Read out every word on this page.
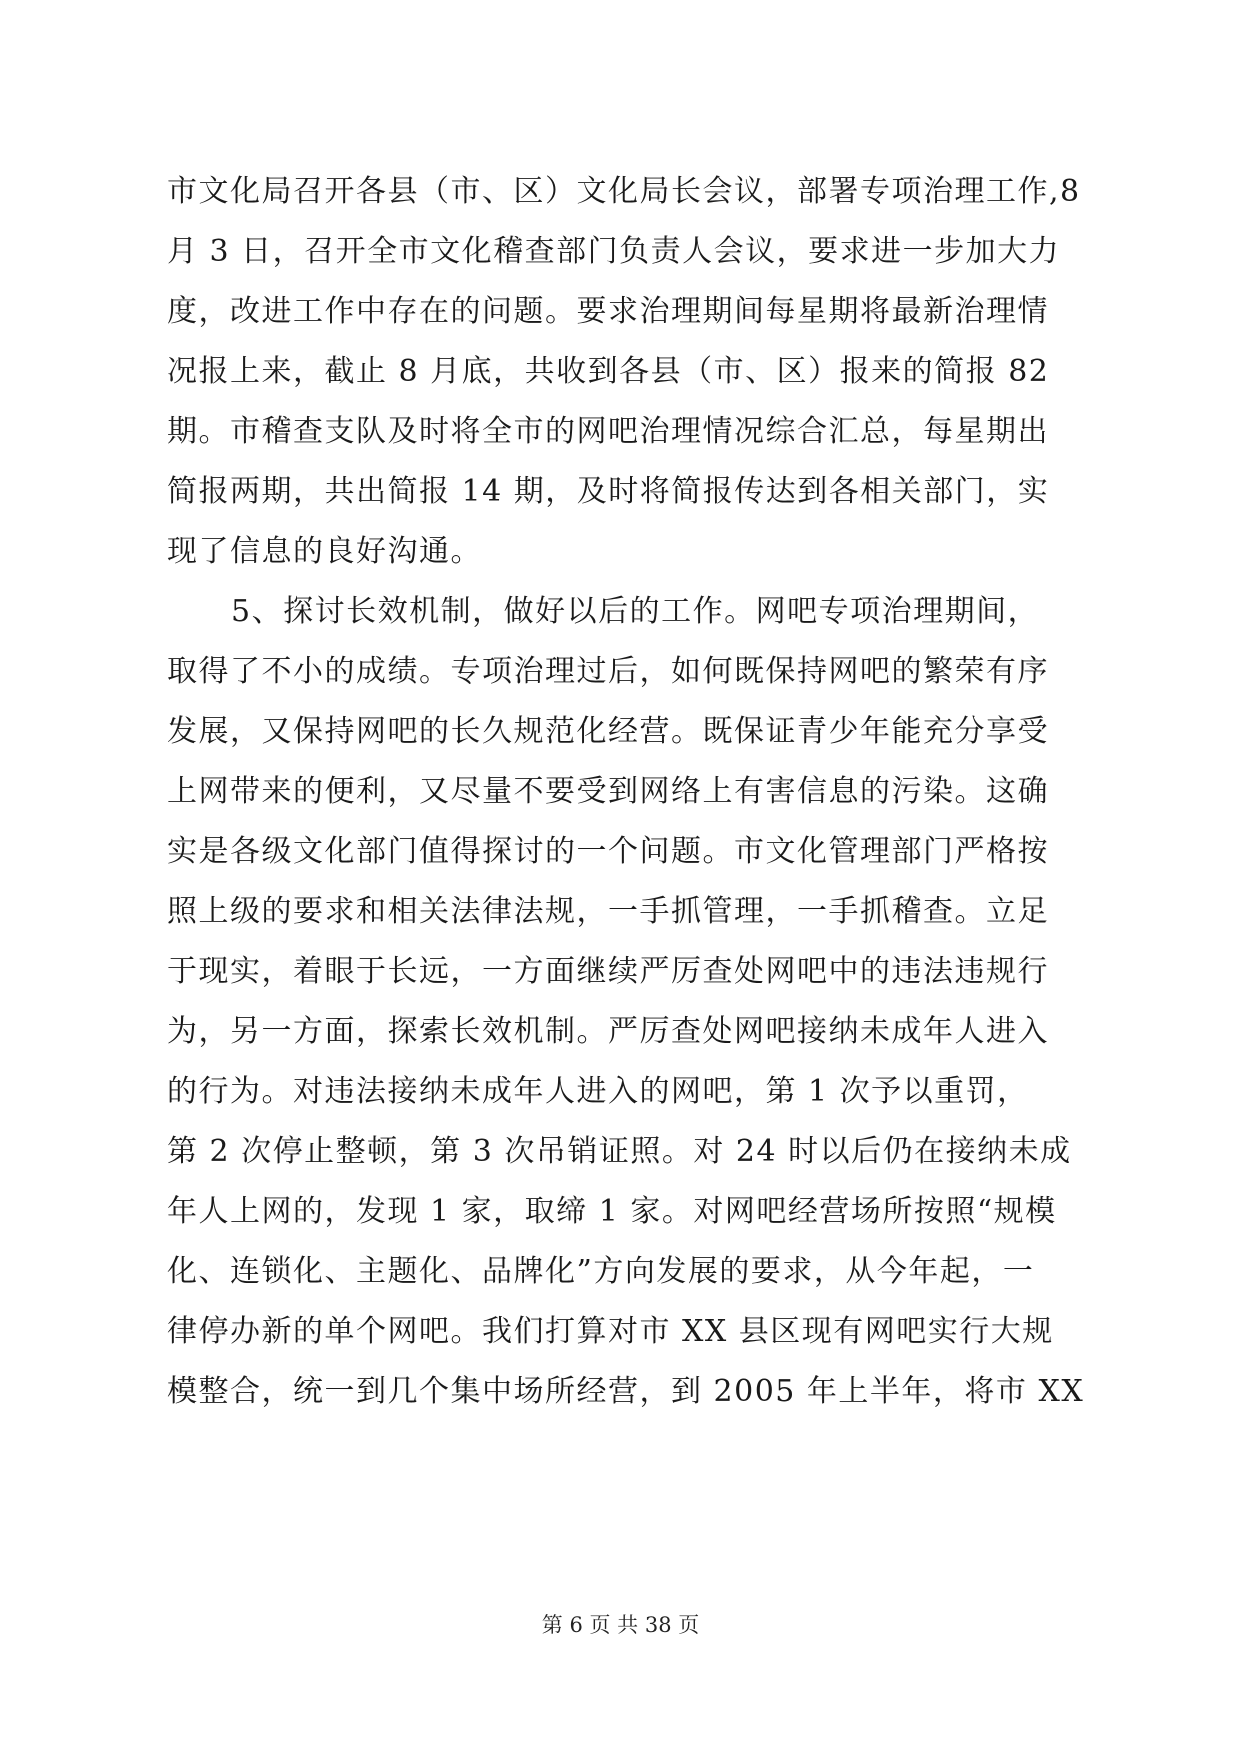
市文化局召开各县（市、区）文化局长会议，部署专项治理工作,8
月 3 日，召开全市文化稽查部门负责人会议，要求进一步加大力
度，改进工作中存在的问题。要求治理期间每星期将最新治理情
况报上来，截止 8 月底，共收到各县（市、区）报来的简报 82
期。市稽查支队及时将全市的网吧治理情况综合汇总，每星期出
简报两期，共出简报 14 期，及时将简报传达到各相关部门，实
现了信息的良好沟通。
5、探讨长效机制，做好以后的工作。网吧专项治理期间，
取得了不小的成绩。专项治理过后，如何既保持网吧的繁荣有序
发展，又保持网吧的长久规范化经营。既保证青少年能充分享受
上网带来的便利，又尽量不要受到网络上有害信息的污染。这确
实是各级文化部门值得探讨的一个问题。市文化管理部门严格按
照上级的要求和相关法律法规，一手抓管理，一手抓稽查。立足
于现实，着眼于长远，一方面继续严厉查处网吧中的违法违规行
为，另一方面，探索长效机制。严厉查处网吧接纳未成年人进入
的行为。对违法接纳未成年人进入的网吧，第 1 次予以重罚，
第 2 次停止整顿，第 3 次吊销证照。对 24 时以后仍在接纳未成
年人上网的，发现 1 家，取缔 1 家。对网吧经营场所按照“规模
化、连锁化、主题化、品牌化”方向发展的要求，从今年起，一
律停办新的单个网吧。我们打算对市 XX 县区现有网吧实行大规
模整合，统一到几个集中场所经营，到 2005 年上半年，将市 XX
第 6 页 共 38 页
